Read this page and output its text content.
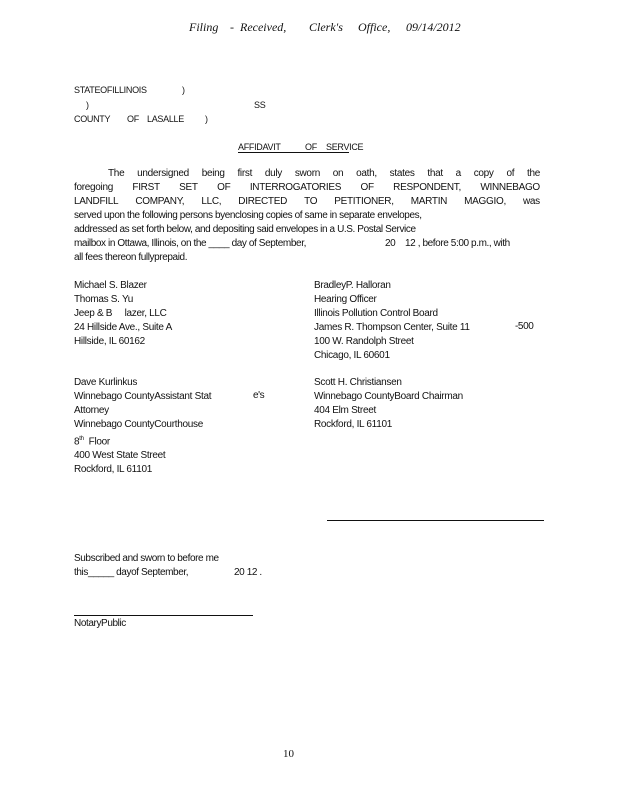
Filing - Received, Clerk's Office, 09/14/2012
STATEOFILLINOIS	)
)	SS
COUNTY OF LASALLE )
AFFIDAVIT	OF SERVICE
The undersigned being first duly sworn on oath, states that a copy of the
foregoing FIRST SET OF INTERROGATORIES OF RESPONDENT, WINNEBAGO
LANDFILL COMPANY, LLC, DIRECTED TO PETITIONER, MARTIN MAGGIO, was
served upon the following persons byenclosing copies of same in separate envelopes,
addressed as set forth below, and depositing said envelopes in a U.S. Postal Service
mailbox in Ottawa, Illinois, on the ____ day of September,	20 12 , before 5:00 p.m., with
all fees thereon fullyprepaid.
Michael S. Blazer
Thomas S. Yu
Jeep & B     lazer, LLC
24 Hillside Ave., Suite A
Hillside, IL 60162
BradleyP. Halloran
Hearing Officer
Illinois Pollution Control Board
James R. Thompson Center, Suite 11
100 W. Randolph Street
Chicago, IL 60601
-500
Dave Kurlinkus
Winnebago CountyAssistant Stat
Attorney
Winnebago CountyCourthouse
8th Floor
400 West State Street
Rockford, IL 61101
e's
Scott H. Christiansen
Winnebago CountyBoard Chairman
404 Elm Street
Rockford, IL 61101
Subscribed and sworn to before me
this_____ dayof September,	20 12 .
NotaryPublic
10
